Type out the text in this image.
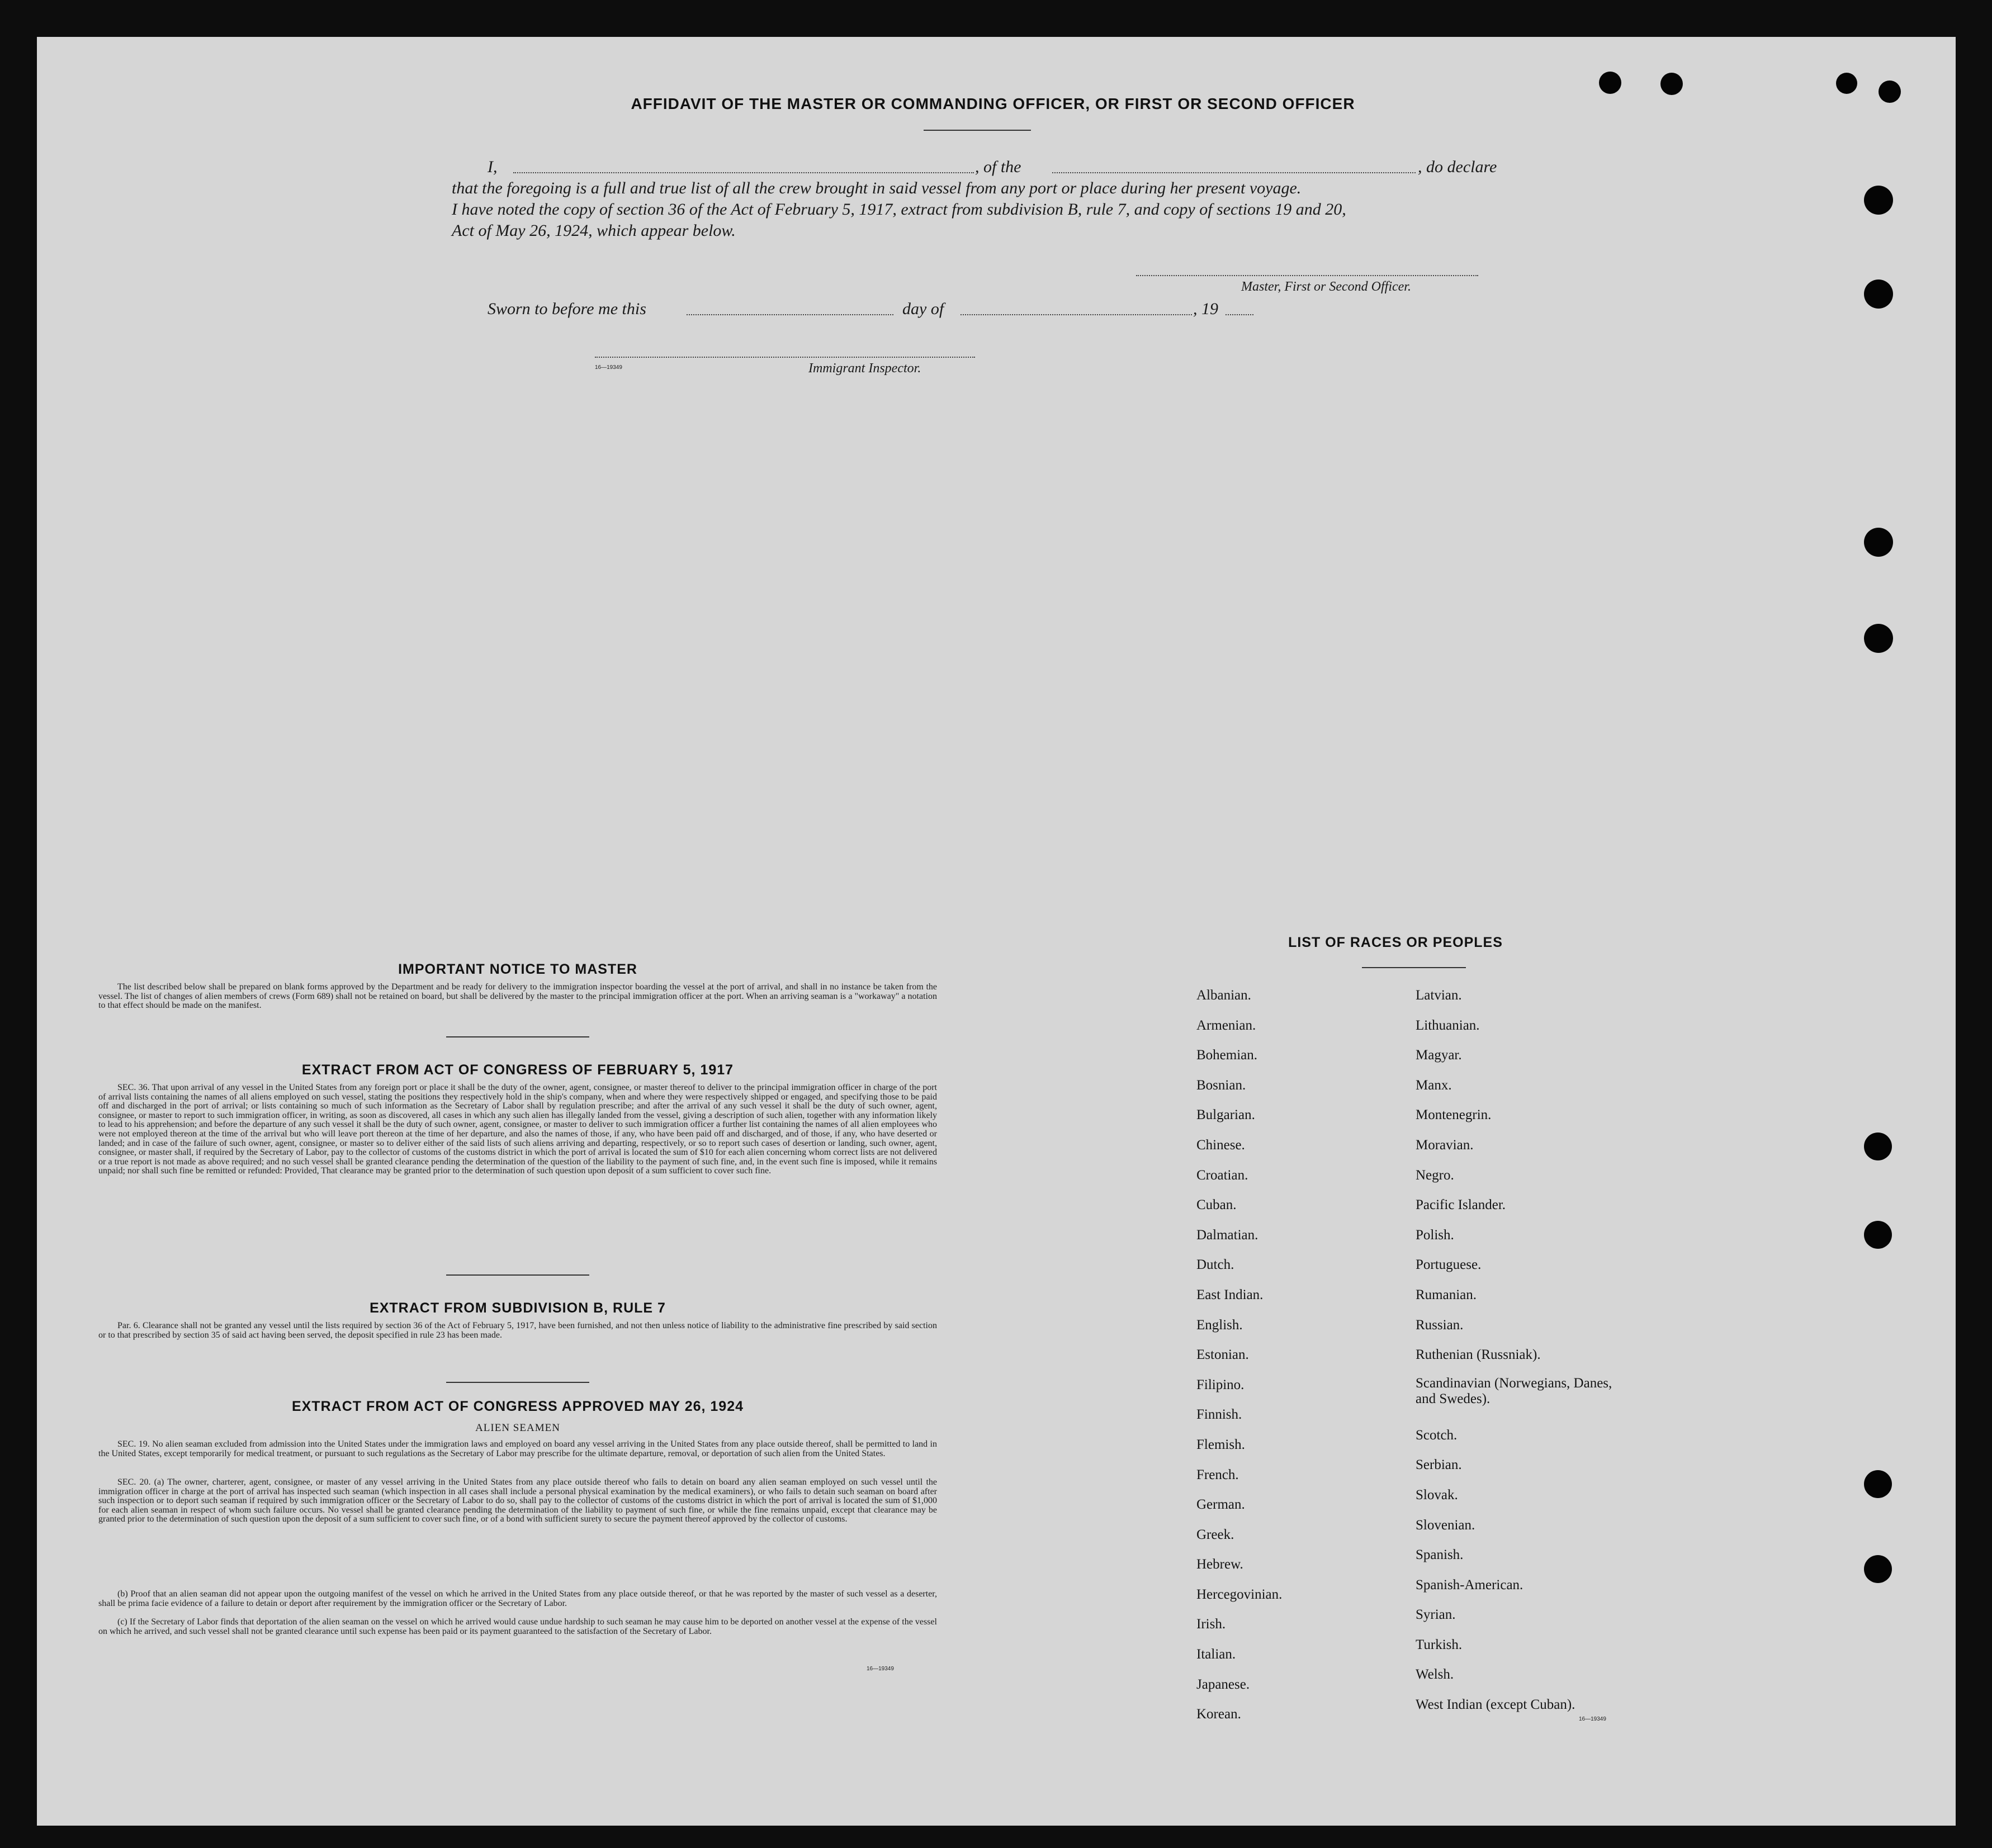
AFFIDAVIT OF THE MASTER OR COMMANDING OFFICER, OR FIRST OR SECOND OFFICER
I,	, of the	, do declare
that the foregoing is a full and true list of all the crew brought in said vessel from any port or place during her present voyage.
I have noted the copy of section 36 of the Act of February 5, 1917, extract from subdivision B, rule 7, and copy of sections 19 and 20,
Act of May 26, 1924, which appear below.
Master, First or Second Officer.
Sworn to before me this	day of	, 19
16—19349	Immigrant Inspector.
IMPORTANT NOTICE TO MASTER
The list described below shall be prepared on blank forms approved by the Department and be ready for delivery to the immigration inspector boarding the vessel at the port of arrival, and shall in no instance be taken from the vessel. The list of changes of alien members of crews (Form 689) shall not be retained on board, but shall be delivered by the master to the principal immigration officer at the port. When an arriving seaman is a "workaway" a notation to that effect should be made on the manifest.
EXTRACT FROM ACT OF CONGRESS OF FEBRUARY 5, 1917
SEC. 36. That upon arrival of any vessel in the United States from any foreign port or place it shall be the duty of the owner, agent, consignee, or master thereof to deliver to the principal immigration officer in charge of the port of arrival lists containing the names of all aliens employed on such vessel, stating the positions they respectively hold in the ship's company, when and where they were respectively shipped or engaged, and specifying those to be paid off and discharged in the port of arrival; or lists containing so much of such information as the Secretary of Labor shall by regulation prescribe; and after the arrival of any such vessel it shall be the duty of such owner, agent, consignee, or master to report to such immigration officer, in writing, as soon as discovered, all cases in which any such alien has illegally landed from the vessel, giving a description of such alien, together with any information likely to lead to his apprehension; and before the departure of any such vessel it shall be the duty of such owner, agent, consignee, or master to deliver to such immigration officer a further list containing the names of all alien employees who were not employed thereon at the time of the arrival but who will leave port thereon at the time of her departure, and also the names of those, if any, who have been paid off and discharged, and of those, if any, who have deserted or landed; and in case of the failure of such owner, agent, consignee, or master so to deliver either of the said lists of such aliens arriving and departing, respectively, or so to report such cases of desertion or landing, such owner, agent, consignee, or master shall, if required by the Secretary of Labor, pay to the collector of customs of the customs district in which the port of arrival is located the sum of $10 for each alien concerning whom correct lists are not delivered or a true report is not made as above required; and no such vessel shall be granted clearance pending the determination of the question of the liability to the payment of such fine, and, in the event such fine is imposed, while it remains unpaid; nor shall such fine be remitted or refunded: Provided, That clearance may be granted prior to the determination of such question upon deposit of a sum sufficient to cover such fine.
EXTRACT FROM SUBDIVISION B, RULE 7
Par. 6. Clearance shall not be granted any vessel until the lists required by section 36 of the Act of February 5, 1917, have been furnished, and not then unless notice of liability to the administrative fine prescribed by said section or to that prescribed by section 35 of said act having been served, the deposit specified in rule 23 has been made.
EXTRACT FROM ACT OF CONGRESS APPROVED MAY 26, 1924
ALIEN SEAMEN
SEC. 19. No alien seaman excluded from admission into the United States under the immigration laws and employed on board any vessel arriving in the United States from any place outside thereof, shall be permitted to land in the United States, except temporarily for medical treatment, or pursuant to such regulations as the Secretary of Labor may prescribe for the ultimate departure, removal, or deportation of such alien from the United States.
SEC. 20. (a) The owner, charterer, agent, consignee, or master of any vessel arriving in the United States from any place outside thereof who fails to detain on board any alien seaman employed on such vessel until the immigration officer in charge at the port of arrival has inspected such seaman (which inspection in all cases shall include a personal physical examination by the medical examiners), or who fails to detain such seaman on board after such inspection or to deport such seaman if required by such immigration officer or the Secretary of Labor to do so, shall pay to the collector of customs of the customs district in which the port of arrival is located the sum of $1,000 for each alien seaman in respect of whom such failure occurs. No vessel shall be granted clearance pending the determination of the liability to payment of such fine, or while the fine remains unpaid, except that clearance may be granted prior to the determination of such question upon the deposit of a sum sufficient to cover such fine, or of a bond with sufficient surety to secure the payment thereof approved by the collector of customs.
(b) Proof that an alien seaman did not appear upon the outgoing manifest of the vessel on which he arrived in the United States from any place outside thereof, or that he was reported by the master of such vessel as a deserter, shall be prima facie evidence of a failure to detain or deport after requirement by the immigration officer or the Secretary of Labor.
(c) If the Secretary of Labor finds that deportation of the alien seaman on the vessel on which he arrived would cause undue hardship to such seaman he may cause him to be deported on another vessel at the expense of the vessel on which he arrived, and such vessel shall not be granted clearance until such expense has been paid or its payment guaranteed to the satisfaction of the Secretary of Labor.
16—19349
LIST OF RACES OR PEOPLES
Albanian.
Armenian.
Bohemian.
Bosnian.
Bulgarian.
Chinese.
Croatian.
Cuban.
Dalmatian.
Dutch.
East Indian.
English.
Estonian.
Filipino.
Finnish.
Flemish.
French.
German.
Greek.
Hebrew.
Hercegovinian.
Irish.
Italian.
Japanese.
Korean.
Latvian.
Lithuanian.
Magyar.
Manx.
Montenegrin.
Moravian.
Negro.
Pacific Islander.
Polish.
Portuguese.
Rumanian.
Russian.
Ruthenian (Russniak).
Scandinavian (Norwegians, Danes, and Swedes).
Scotch.
Serbian.
Slovak.
Slovenian.
Spanish.
Spanish-American.
Syrian.
Turkish.
Welsh.
West Indian (except Cuban).
16—19349
